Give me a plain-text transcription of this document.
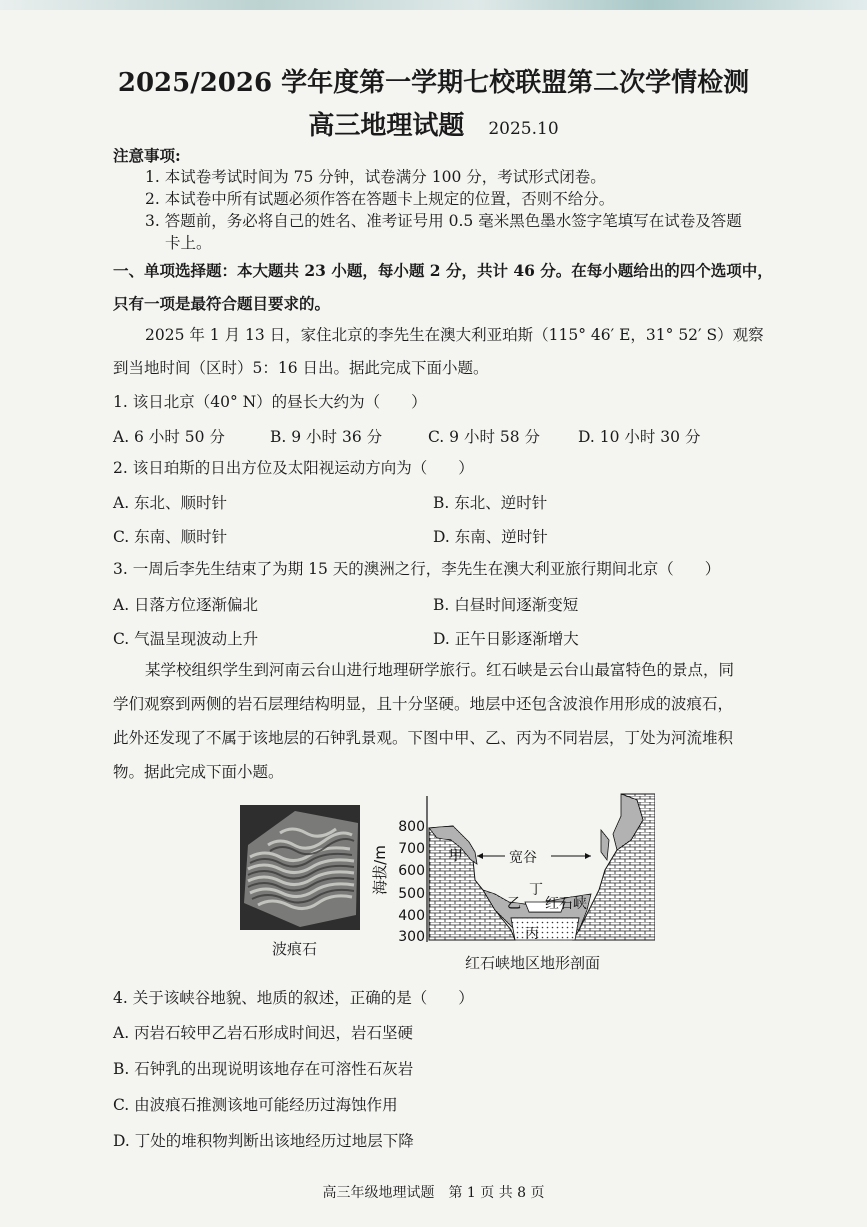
2025/2026 学年度第一学期七校联盟第二次学情检测
高三地理试题 2025.10
注意事项:
1. 本试卷考试时间为 75 分钟，试卷满分 100 分，考试形式闭卷。
2. 本试卷中所有试题必须作答在答题卡上规定的位置，否则不给分。
3. 答题前，务必将自己的姓名、准考证号用 0.5 毫米黑色墨水签字笔填写在试卷及答题
卡上。
一、单项选择题：本大题共 23 小题，每小题 2 分，共计 46 分。在每小题给出的四个选项中，
只有一项是最符合题目要求的。
2025 年 1 月 13 日，家住北京的李先生在澳大利亚珀斯（115° 46′ E，31° 52′ S）观察
到当地时间（区时）5：16 日出。据此完成下面小题。
1. 该日北京（40° N）的昼长大约为（　　）
A. 6 小时 50 分	B. 9 小时 36 分	C. 9 小时 58 分 D. 10 小时 30 分
2. 该日珀斯的日出方位及太阳视运动方向为（　　）
A. 东北、顺时针	B. 东北、逆时针
C. 东南、顺时针	D. 东南、逆时针
3. 一周后李先生结束了为期 15 天的澳洲之行，李先生在澳大利亚旅行期间北京（　　）
A. 日落方位逐渐偏北	B. 白昼时间逐渐变短
C. 气温呈现波动上升	D. 正午日影逐渐增大
某学校组织学生到河南云台山进行地理研学旅行。红石峡是云台山最富特色的景点，同
学们观察到两侧的岩石层理结构明显，且十分坚硬。地层中还包含波浪作用形成的波痕石，
此外还发现了不属于该地层的石钟乳景观。下图中甲、乙、丙为不同岩层，丁处为河流堆积
物。据此完成下面小题。
波痕石
800
700
600
500
400
300
海拔/m	甲	宽谷
乙
丁
红石峡
丙
红石峡地区地形剖面
4. 关于该峡谷地貌、地质的叙述，正确的是（　　）
A. 丙岩石较甲乙岩石形成时间迟，岩石坚硬
B. 石钟乳的出现说明该地存在可溶性石灰岩
C. 由波痕石推测该地可能经历过海蚀作用
D. 丁处的堆积物判断出该地经历过地层下降
高三年级地理试题　第 1 页 共 8 页
